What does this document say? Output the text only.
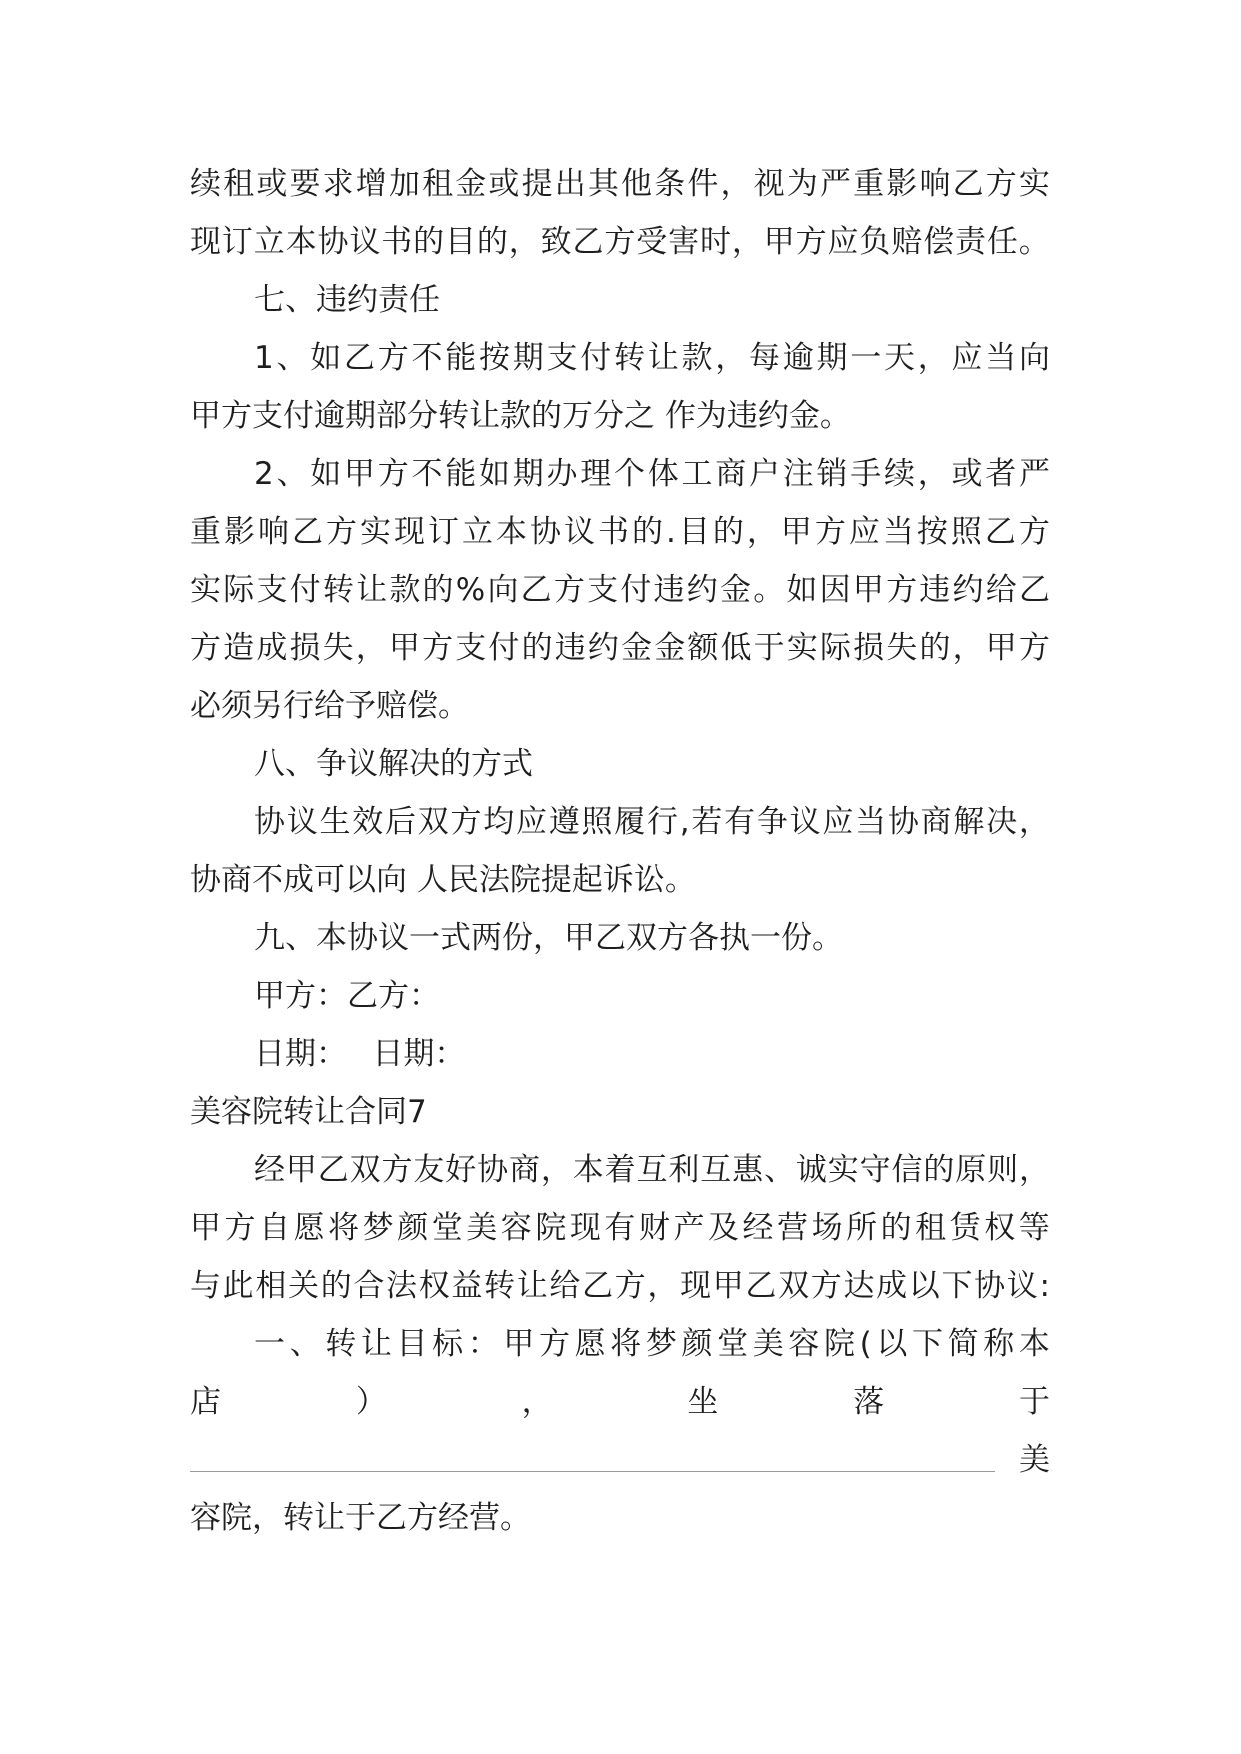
续 租 或 要 求 增 加 租 金 或 提 出 其 他 条 件 ， 视 为 严 重 影 响 乙 方 实
现 订 立 本 协 议 书 的 目 的 ， 致 乙 方 受 害 时 ， 甲 方 应 负 赔 偿 责 任 。
七、违约责任
1 、 如 乙 方 不 能 按 期 支 付 转 让 款 ， 每 逾 期 一 天 ， 应 当 向
甲方支付逾期部分转让款的万分之 作为违约金。
2 、 如 甲 方 不 能 如 期 办 理 个 体 工 商 户 注 销 手 续 ， 或 者 严
重 影 响 乙 方 实 现 订 立 本 协 议 书 的 . 目 的 ， 甲 方 应 当 按 照 乙 方
实 际 支 付 转 让 款 的 % 向 乙 方 支 付 违 约 金 。 如 因 甲 方 违 约 给 乙
方 造 成 损 失 ， 甲 方 支 付 的 违 约 金 金 额 低 于 实 际 损 失 的 ， 甲 方
必须另行给予赔偿。
八、争议解决的方式
协 议 生 效 后 双 方 均 应 遵 照 履 行 , 若 有 争 议 应 当 协 商 解 决 ，
协商不成可以向 人民法院提起诉讼。
九、本协议一式两份，甲乙双方各执一份。
甲方：乙方：
日期：　 日期：
美容院转让合同7
经 甲 乙 双 方 友 好 协 商 ， 本 着 互 利 互 惠 、 诚 实 守 信 的 原 则 ，
甲 方 自 愿 将 梦 颜 堂 美 容 院 现 有 财 产 及 经 营 场 所 的 租 赁 权 等
与 此 相 关 的 合 法 权 益 转 让 给 乙 方 ， 现 甲 乙 双 方 达 成 以 下 协 议 :
一 、 转 让 目 标 ： 甲 方 愿 将 梦 颜 堂 美 容 院 ( 以 下 简 称 本
店	）	，	坐	落	于
美
容院，转让于乙方经营。
